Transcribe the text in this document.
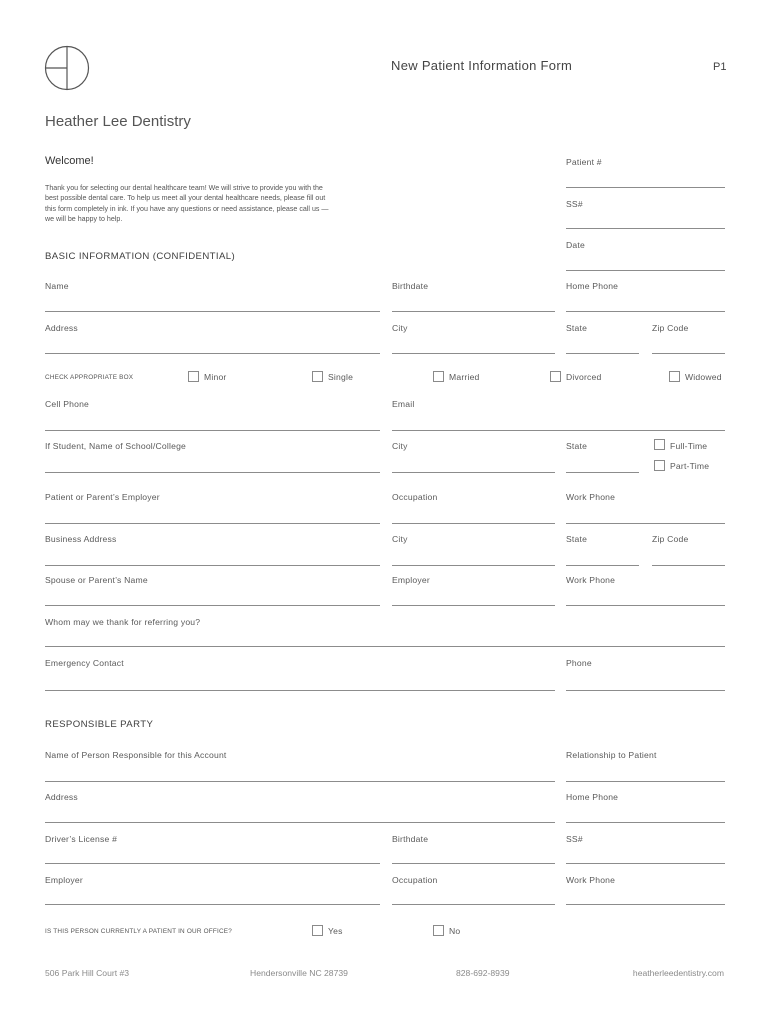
New Patient Information Form	P1
Heather Lee Dentistry
Welcome!
Thank you for selecting our dental healthcare team! We will strive to provide you with the
best possible dental care. To help us meet all your dental healthcare needs, please fill out
this form completely in ink. If you have any questions or need assistance, please call us —
we will be happy to help.
Patient #
SS#
Date
BASIC INFORMATION (CONFIDENTIAL)
Name	Birthdate	Home Phone
Address	City	State	Zip Code
CHECK APPROPRIATE BOX	Minor	Single	Married	Divorced	Widowed
Cell Phone	Email
If Student, Name of School/College	City	State	Full-Time
Part-Time
Patient or Parent’s Employer	Occupation	Work Phone
Business Address	City	State	Zip Code
Spouse or Parent’s Name	Employer	Work Phone
Whom may we thank for referring you?
Emergency Contact	Phone
RESPONSIBLE PARTY
Name of Person Responsible for this Account	Relationship to Patient
Address	Home Phone
Driver’s License #	Birthdate	SS#
Employer	Occupation	Work Phone
IS THIS PERSON CURRENTLY A PATIENT IN OUR OFFICE?	Yes	No
506 Park Hill Court #3	Hendersonville NC 28739	828-692-8939	heatherleedentistry.com
